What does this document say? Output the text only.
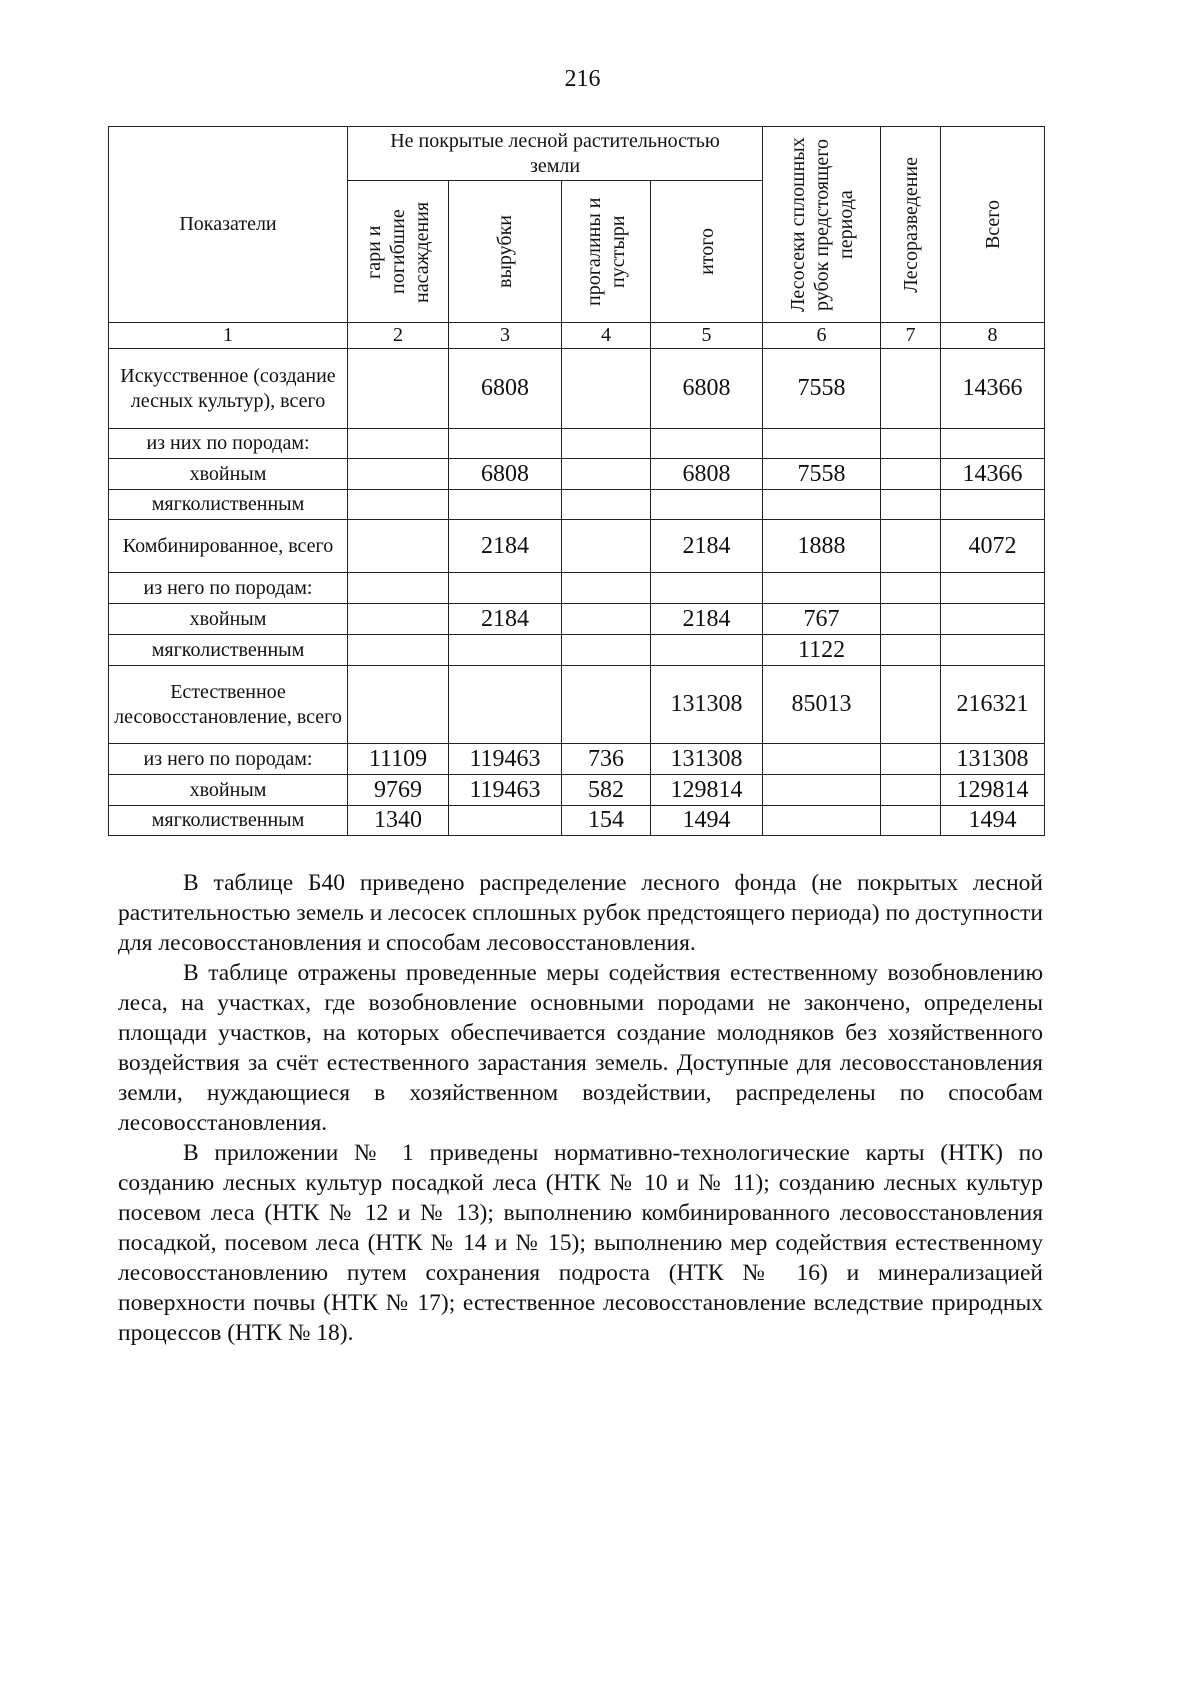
216
Показатели	Не покрытые лесной растительностью земли				Лесосеки сплошных рубок предстоящего периода	Лесоразведение	Всего

	гари и погибшие насаждения	вырубки	прогалины и пустыри	итого			

1	2	3	4	5	6	7	8
Искусственное (создание лесных культур), всего		6808		6808	7558		14366
из них по породам:							
хвойным		6808		6808	7558		14366
мягколиственным							
Комбинированное, всего		2184		2184	1888		4072
из него по породам:							
хвойным		2184		2184	767		
мягколиственным					1122		
Естественное лесовосстановление, всего				131308	85013		216321
из него по породам:	11109	119463	736	131308			131308
хвойным	9769	119463	582	129814			129814
мягколиственным	1340		154	1494			1494

В таблице Б40 приведено распределение лесного фонда (не покрытых лесной растительностью земель и лесосек сплошных рубок предстоящего периода) по доступности для лесовосстановления и способам лесовосстановления.

В таблице отражены проведенные меры содействия естественному возобновлению леса, на участках, где возобновление основными породами не закончено, определены площади участков, на которых обеспечивается создание молодняков без хозяйственного воздействия за счёт естественного зарастания земель. Доступные для лесовосстановления земли, нуждающиеся в хозяйственном воздействии, распределены по способам лесовосстановления.

В приложении № 1 приведены нормативно-технологические карты (НТК) по созданию лесных культур посадкой леса (НТК № 10 и № 11); созданию лесных культур посевом леса (НТК № 12 и № 13); выполнению комбинированного лесовосстановления посадкой, посевом леса (НТК № 14 и № 15); выполнению мер содействия естественному лесовосстановлению путем сохранения подроста (НТК № 16) и минерализацией поверхности почвы (НТК № 17); естественное лесовосстановление вследствие природных процессов (НТК № 18).
